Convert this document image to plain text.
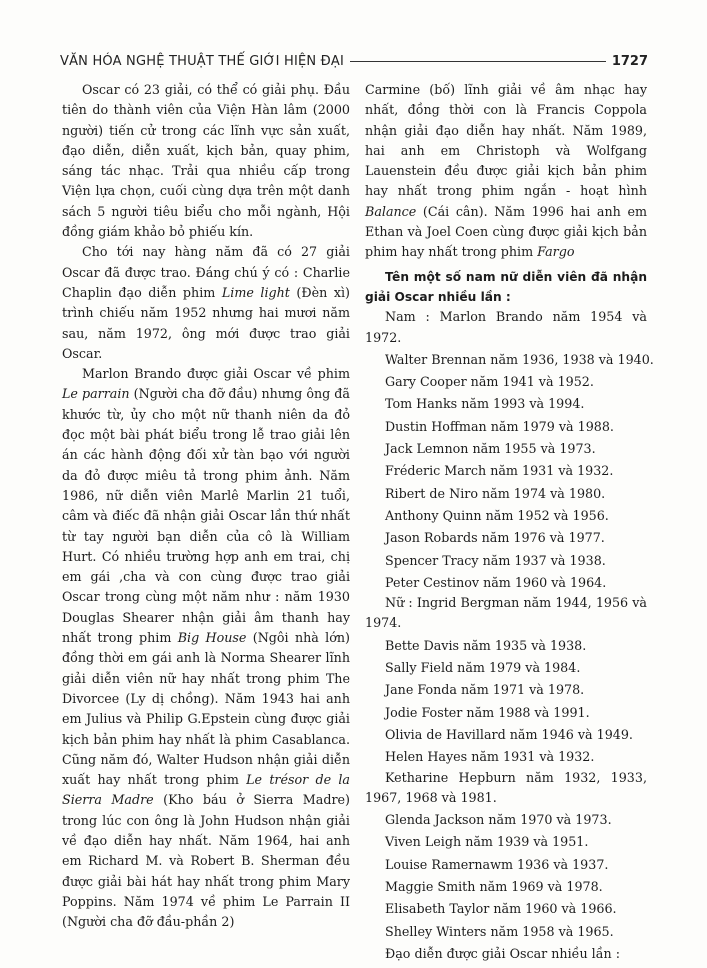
VĂN HÓA NGHỆ THUẬT THẾ GIỚI HIỆN ĐẠI	1727

Oscar có 23 giải, có thể có giải phụ. Đầu tiên do thành viên của Viện Hàn lâm (2000 người) tiến cử trong các lĩnh vực sản xuất, đạo diễn, diễn xuất, kịch bản, quay phim, sáng tác nhạc. Trải qua nhiều cấp trong Viện lựa chọn, cuối cùng dựa trên một danh sách 5 người tiêu biểu cho mỗi ngành, Hội đồng giám khảo bỏ phiếu kín.

Cho tới nay hàng năm đã có 27 giải Oscar đã được trao. Đáng chú ý có : Charlie Chaplin đạo diễn phim Lime light (Đèn xì) trình chiếu năm 1952 nhưng hai mươi năm sau, năm 1972, ông mới được trao giải Oscar.

Marlon Brando được giải Oscar về phim Le parrain (Người cha đỡ đầu) nhưng ông đã khước từ, ủy cho một nữ thanh niên da đỏ đọc một bài phát biểu trong lễ trao giải lên án các hành động đối xử tàn bạo với người da đỏ được miêu tả trong phim ảnh. Năm 1986, nữ diễn viên Marlê Marlin 21 tuổi, câm và điếc đã nhận giải Oscar lần thứ nhất từ tay người bạn diễn của cô là William Hurt. Có nhiều trường hợp anh em trai, chị em gái ,cha và con cùng được trao giải Oscar trong cùng một năm như : năm 1930 Douglas Shearer nhận giải âm thanh hay nhất trong phim Big House (Ngôi nhà lớn) đồng thời em gái anh là Norma Shearer lĩnh giải diễn viên nữ hay nhất trong phim The Divorcee (Ly dị chồng). Năm 1943 hai anh em Julius và Philip G.Epstein cùng được giải kịch bản phim hay nhất là phim Casablanca. Cũng năm đó, Walter Hudson nhận giải diễn xuất hay nhất trong phim Le trésor de la Sierra Madre (Kho báu ở Sierra Madre) trong lúc con ông là John Hudson nhận giải về đạo diễn hay nhất. Năm 1964, hai anh em Richard M. và Robert B. Sherman đều được giải bài hát hay nhất trong phim Mary Poppins. Năm 1974 về phim Le Parrain II (Người cha đỡ đầu-phần 2)

Carmine (bố) lĩnh giải về âm nhạc hay nhất, đồng thời con là Francis Coppola nhận giải đạo diễn hay nhất. Năm 1989, hai anh em Christoph và Wolfgang Lauenstein đều được giải kịch bản phim hay nhất trong phim ngắn - hoạt hình Balance (Cái cân). Năm 1996 hai anh em Ethan và Joel Coen cùng được giải kịch bản phim hay nhất trong phim Fargo

Tên một số nam nữ diễn viên đã nhận giải Oscar nhiều lần :

Nam : Marlon Brando năm 1954 và 1972.

Walter Brennan năm 1936, 1938 và 1940.

Gary Cooper năm 1941 và 1952.

Tom Hanks năm 1993 và 1994.

Dustin Hoffman năm 1979 và 1988.

Jack Lemnon năm 1955 và 1973.

Fréderic March năm 1931 và 1932.

Ribert de Niro năm 1974 và 1980.

Anthony Quinn năm 1952 và 1956.

Jason Robards năm 1976 và 1977.

Spencer Tracy năm 1937 và 1938.

Peter Cestinov năm 1960 và 1964.

Nữ : Ingrid Bergman năm 1944, 1956 và 1974.

Bette Davis năm 1935 và 1938.

Sally Field năm 1979 và 1984.

Jane Fonda năm 1971 và 1978.

Jodie Foster năm 1988 và 1991.

Olivia de Havillard năm 1946 và 1949.

Helen Hayes năm 1931 và 1932.

Ketharine Hepburn năm 1932, 1933, 1967, 1968 và 1981.

Glenda Jackson năm 1970 và 1973.

Viven Leigh năm 1939 và 1951.

Louise Ramernawm 1936 và 1937.

Maggie Smith năm 1969 và 1978.

Elisabeth Taylor năm 1960 và 1966.

Shelley Winters năm 1958 và 1965.

Đạo diễn được giải Oscar nhiều lần :
